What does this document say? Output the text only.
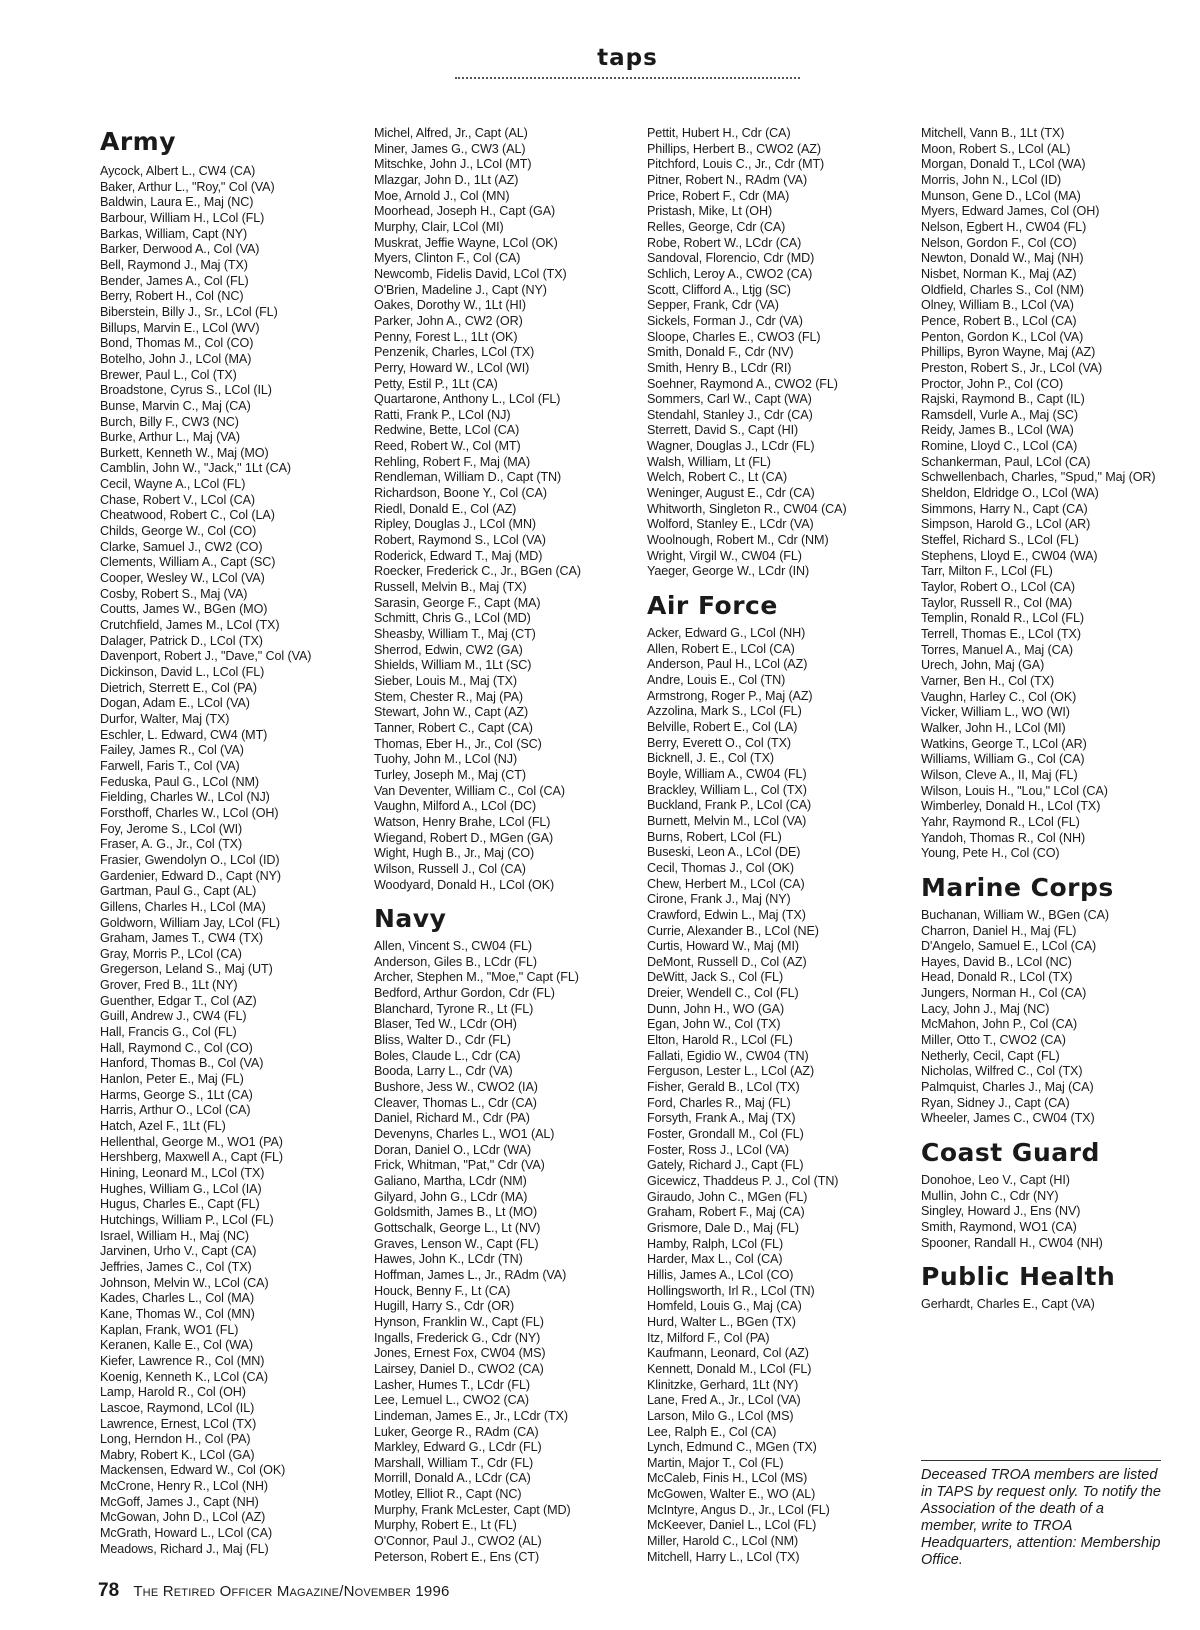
taps
Army
Aycock, Albert L., CW4 (CA)
Baker, Arthur L., "Roy," Col (VA)
Baldwin, Laura E., Maj (NC)
Barbour, William H., LCol (FL)
Barkas, William, Capt (NY)
Barker, Derwood A., Col (VA)
Bell, Raymond J., Maj (TX)
Bender, James A., Col (FL)
Berry, Robert H., Col (NC)
Biberstein, Billy J., Sr., LCol (FL)
Billups, Marvin E., LCol (WV)
Bond, Thomas M., Col (CO)
Botelho, John J., LCol (MA)
Brewer, Paul L., Col (TX)
Broadstone, Cyrus S., LCol (IL)
Bunse, Marvin C., Maj (CA)
Burch, Billy F., CW3 (NC)
Burke, Arthur L., Maj (VA)
Burkett, Kenneth W., Maj (MO)
Camblin, John W., "Jack," 1Lt (CA)
Cecil, Wayne A., LCol (FL)
Chase, Robert V., LCol (CA)
Cheatwood, Robert C., Col (LA)
Childs, George W., Col (CO)
Clarke, Samuel J., CW2 (CO)
Clements, William A., Capt (SC)
Cooper, Wesley W., LCol (VA)
Cosby, Robert S., Maj (VA)
Coutts, James W., BGen (MO)
Crutchfield, James M., LCol (TX)
Dalager, Patrick D., LCol (TX)
Davenport, Robert J., "Dave," Col (VA)
Dickinson, David L., LCol (FL)
Dietrich, Sterrett E., Col (PA)
Dogan, Adam E., LCol (VA)
Durfor, Walter, Maj (TX)
Eschler, L. Edward, CW4 (MT)
Failey, James R., Col (VA)
Farwell, Faris T., Col (VA)
Feduska, Paul G., LCol (NM)
Fielding, Charles W., LCol (NJ)
Forsthoff, Charles W., LCol (OH)
Foy, Jerome S., LCol (WI)
Fraser, A. G., Jr., Col (TX)
Frasier, Gwendolyn O., LCol (ID)
Gardenier, Edward D., Capt (NY)
Gartman, Paul G., Capt (AL)
Gillens, Charles H., LCol (MA)
Goldworn, William Jay, LCol (FL)
Graham, James T., CW4 (TX)
Gray, Morris P., LCol (CA)
Gregerson, Leland S., Maj (UT)
Grover, Fred B., 1Lt (NY)
Guenther, Edgar T., Col (AZ)
Guill, Andrew J., CW4 (FL)
Hall, Francis G., Col (FL)
Hall, Raymond C., Col (CO)
Hanford, Thomas B., Col (VA)
Hanlon, Peter E., Maj (FL)
Harms, George S., 1Lt (CA)
Harris, Arthur O., LCol (CA)
Hatch, Azel F., 1Lt (FL)
Hellenthal, George M., WO1 (PA)
Hershberg, Maxwell A., Capt (FL)
Hining, Leonard M., LCol (TX)
Hughes, William G., LCol (IA)
Hugus, Charles E., Capt (FL)
Hutchings, William P., LCol (FL)
Israel, William H., Maj (NC)
Jarvinen, Urho V., Capt (CA)
Jeffries, James C., Col (TX)
Johnson, Melvin W., LCol (CA)
Kades, Charles L., Col (MA)
Kane, Thomas W., Col (MN)
Kaplan, Frank, WO1 (FL)
Keranen, Kalle E., Col (WA)
Kiefer, Lawrence R., Col (MN)
Koenig, Kenneth K., LCol (CA)
Lamp, Harold R., Col (OH)
Lascoe, Raymond, LCol (IL)
Lawrence, Ernest, LCol (TX)
Long, Herndon H., Col (PA)
Mabry, Robert K., LCol (GA)
Mackensen, Edward W., Col (OK)
McCrone, Henry R., LCol (NH)
McGoff, James J., Capt (NH)
McGowan, John D., LCol (AZ)
McGrath, Howard L., LCol (CA)
Meadows, Richard J., Maj (FL)
Michel, Alfred, Jr., Capt (AL)
Miner, James G., CW3 (AL)
Mitschke, John J., LCol (MT)
Mlazgar, John D., 1Lt (AZ)
Moe, Arnold J., Col (MN)
Moorhead, Joseph H., Capt (GA)
Murphy, Clair, LCol (MI)
Muskrat, Jeffie Wayne, LCol (OK)
Myers, Clinton F., Col (CA)
Newcomb, Fidelis David, LCol (TX)
O'Brien, Madeline J., Capt (NY)
Oakes, Dorothy W., 1Lt (HI)
Parker, John A., CW2 (OR)
Penny, Forest L., 1Lt (OK)
Penzenik, Charles, LCol (TX)
Perry, Howard W., LCol (WI)
Petty, Estil P., 1Lt (CA)
Quartarone, Anthony L., LCol (FL)
Ratti, Frank P., LCol (NJ)
Redwine, Bette, LCol (CA)
Reed, Robert W., Col (MT)
Rehling, Robert F., Maj (MA)
Rendleman, William D., Capt (TN)
Richardson, Boone Y., Col (CA)
Riedl, Donald E., Col (AZ)
Ripley, Douglas J., LCol (MN)
Robert, Raymond S., LCol (VA)
Roderick, Edward T., Maj (MD)
Roecker, Frederick C., Jr., BGen (CA)
Russell, Melvin B., Maj (TX)
Sarasin, George F., Capt (MA)
Schmitt, Chris G., LCol (MD)
Sheasby, William T., Maj (CT)
Sherrod, Edwin, CW2 (GA)
Shields, William M., 1Lt (SC)
Sieber, Louis M., Maj (TX)
Stem, Chester R., Maj (PA)
Stewart, John W., Capt (AZ)
Tanner, Robert C., Capt (CA)
Thomas, Eber H., Jr., Col (SC)
Tuohy, John M., LCol (NJ)
Turley, Joseph M., Maj (CT)
Van Deventer, William C., Col (CA)
Vaughn, Milford A., LCol (DC)
Watson, Henry Brahe, LCol (FL)
Wiegand, Robert D., MGen (GA)
Wight, Hugh B., Jr., Maj (CO)
Wilson, Russell J., Col (CA)
Woodyard, Donald H., LCol (OK)
Navy
Allen, Vincent S., CW04 (FL)
Anderson, Giles B., LCdr (FL)
Archer, Stephen M., "Moe," Capt (FL)
Bedford, Arthur Gordon, Cdr (FL)
Blanchard, Tyrone R., Lt (FL)
Blaser, Ted W., LCdr (OH)
Bliss, Walter D., Cdr (FL)
Boles, Claude L., Cdr (CA)
Booda, Larry L., Cdr (VA)
Bushore, Jess W., CWO2 (IA)
Cleaver, Thomas L., Cdr (CA)
Daniel, Richard M., Cdr (PA)
Devenyns, Charles L., WO1 (AL)
Doran, Daniel O., LCdr (WA)
Frick, Whitman, "Pat," Cdr (VA)
Galiano, Martha, LCdr (NM)
Gilyard, John G., LCdr (MA)
Goldsmith, James B., Lt (MO)
Gottschalk, George L., Lt (NV)
Graves, Lenson W., Capt (FL)
Hawes, John K., LCdr (TN)
Hoffman, James L., Jr., RAdm (VA)
Houck, Benny F., Lt (CA)
Hugill, Harry S., Cdr (OR)
Hynson, Franklin W., Capt (FL)
Ingalls, Frederick G., Cdr (NY)
Jones, Ernest Fox, CW04 (MS)
Lairsey, Daniel D., CWO2 (CA)
Lasher, Humes T., LCdr (FL)
Lee, Lemuel L., CWO2 (CA)
Lindeman, James E., Jr., LCdr (TX)
Luker, George R., RAdm (CA)
Markley, Edward G., LCdr (FL)
Marshall, William T., Cdr (FL)
Morrill, Donald A., LCdr (CA)
Motley, Elliot R., Capt (NC)
Murphy, Frank McLester, Capt (MD)
Murphy, Robert E., Lt (FL)
O'Connor, Paul J., CWO2 (AL)
Peterson, Robert E., Ens (CT)
Pettit, Hubert H., Cdr (CA)
Phillips, Herbert B., CWO2 (AZ)
Pitchford, Louis C., Jr., Cdr (MT)
Pitner, Robert N., RAdm (VA)
Price, Robert F., Cdr (MA)
Pristash, Mike, Lt (OH)
Relles, George, Cdr (CA)
Robe, Robert W., LCdr (CA)
Sandoval, Florencio, Cdr (MD)
Schlich, Leroy A., CWO2 (CA)
Scott, Clifford A., Ltjg (SC)
Sepper, Frank, Cdr (VA)
Sickels, Forman J., Cdr (VA)
Sloope, Charles E., CWO3 (FL)
Smith, Donald F., Cdr (NV)
Smith, Henry B., LCdr (RI)
Soehner, Raymond A., CWO2 (FL)
Sommers, Carl W., Capt (WA)
Stendahl, Stanley J., Cdr (CA)
Sterrett, David S., Capt (HI)
Wagner, Douglas J., LCdr (FL)
Walsh, William, Lt (FL)
Welch, Robert C., Lt (CA)
Weninger, August E., Cdr (CA)
Whitworth, Singleton R., CW04 (CA)
Wolford, Stanley E., LCdr (VA)
Woolnough, Robert M., Cdr (NM)
Wright, Virgil W., CW04 (FL)
Yaeger, George W., LCdr (IN)
Air Force
Acker, Edward G., LCol (NH)
Allen, Robert E., LCol (CA)
Anderson, Paul H., LCol (AZ)
Andre, Louis E., Col (TN)
Armstrong, Roger P., Maj (AZ)
Azzolina, Mark S., LCol (FL)
Belville, Robert E., Col (LA)
Berry, Everett O., Col (TX)
Bicknell, J. E., Col (TX)
Boyle, William A., CW04 (FL)
Brackley, William L., Col (TX)
Buckland, Frank P., LCol (CA)
Burnett, Melvin M., LCol (VA)
Burns, Robert, LCol (FL)
Buseski, Leon A., LCol (DE)
Cecil, Thomas J., Col (OK)
Chew, Herbert M., LCol (CA)
Cirone, Frank J., Maj (NY)
Crawford, Edwin L., Maj (TX)
Currie, Alexander B., LCol (NE)
Curtis, Howard W., Maj (MI)
DeMont, Russell D., Col (AZ)
DeWitt, Jack S., Col (FL)
Dreier, Wendell C., Col (FL)
Dunn, John H., WO (GA)
Egan, John W., Col (TX)
Elton, Harold R., LCol (FL)
Fallati, Egidio W., CW04 (TN)
Ferguson, Lester L., LCol (AZ)
Fisher, Gerald B., LCol (TX)
Ford, Charles R., Maj (FL)
Forsyth, Frank A., Maj (TX)
Foster, Grondall M., Col (FL)
Foster, Ross J., LCol (VA)
Gately, Richard J., Capt (FL)
Gicewicz, Thaddeus P. J., Col (TN)
Giraudo, John C., MGen (FL)
Graham, Robert F., Maj (CA)
Grismore, Dale D., Maj (FL)
Hamby, Ralph, LCol (FL)
Harder, Max L., Col (CA)
Hillis, James A., LCol (CO)
Hollingsworth, Irl R., LCol (TN)
Homfeld, Louis G., Maj (CA)
Hurd, Walter L., BGen (TX)
Itz, Milford F., Col (PA)
Kaufmann, Leonard, Col (AZ)
Kennett, Donald M., LCol (FL)
Klinitzke, Gerhard, 1Lt (NY)
Lane, Fred A., Jr., LCol (VA)
Larson, Milo G., LCol (MS)
Lee, Ralph E., Col (CA)
Lynch, Edmund C., MGen (TX)
Martin, Major T., Col (FL)
McCaleb, Finis H., LCol (MS)
McGowen, Walter E., WO (AL)
McIntyre, Angus D., Jr., LCol (FL)
McKeever, Daniel L., LCol (FL)
Miller, Harold C., LCol (NM)
Mitchell, Harry L., LCol (TX)
Mitchell, Vann B., 1Lt (TX)
Moon, Robert S., LCol (AL)
Morgan, Donald T., LCol (WA)
Morris, John N., LCol (ID)
Munson, Gene D., LCol (MA)
Myers, Edward James, Col (OH)
Nelson, Egbert H., CW04 (FL)
Nelson, Gordon F., Col (CO)
Newton, Donald W., Maj (NH)
Nisbet, Norman K., Maj (AZ)
Oldfield, Charles S., Col (NM)
Olney, William B., LCol (VA)
Pence, Robert B., LCol (CA)
Penton, Gordon K., LCol (VA)
Phillips, Byron Wayne, Maj (AZ)
Preston, Robert S., Jr., LCol (VA)
Proctor, John P., Col (CO)
Rajski, Raymond B., Capt (IL)
Ramsdell, Vurle A., Maj (SC)
Reidy, James B., LCol (WA)
Romine, Lloyd C., LCol (CA)
Schankerman, Paul, LCol (CA)
Schwellenbach, Charles, "Spud," Maj (OR)
Sheldon, Eldridge O., LCol (WA)
Simmons, Harry N., Capt (CA)
Simpson, Harold G., LCol (AR)
Steffel, Richard S., LCol (FL)
Stephens, Lloyd E., CW04 (WA)
Tarr, Milton F., LCol (FL)
Taylor, Robert O., LCol (CA)
Taylor, Russell R., Col (MA)
Templin, Ronald R., LCol (FL)
Terrell, Thomas E., LCol (TX)
Torres, Manuel A., Maj (CA)
Urech, John, Maj (GA)
Varner, Ben H., Col (TX)
Vaughn, Harley C., Col (OK)
Vicker, William L., WO (WI)
Walker, John H., LCol (MI)
Watkins, George T., LCol (AR)
Williams, William G., Col (CA)
Wilson, Cleve A., II, Maj (FL)
Wilson, Louis H., "Lou," LCol (CA)
Wimberley, Donald H., LCol (TX)
Yahr, Raymond R., LCol (FL)
Yandoh, Thomas R., Col (NH)
Young, Pete H., Col (CO)
Marine Corps
Buchanan, William W., BGen (CA)
Charron, Daniel H., Maj (FL)
D'Angelo, Samuel E., LCol (CA)
Hayes, David B., LCol (NC)
Head, Donald R., LCol (TX)
Jungers, Norman H., Col (CA)
Lacy, John J., Maj (NC)
McMahon, John P., Col (CA)
Miller, Otto T., CWO2 (CA)
Netherly, Cecil, Capt (FL)
Nicholas, Wilfred C., Col (TX)
Palmquist, Charles J., Maj (CA)
Ryan, Sidney J., Capt (CA)
Wheeler, James C., CW04 (TX)
Coast Guard
Donohoe, Leo V., Capt (HI)
Mullin, John C., Cdr (NY)
Singley, Howard J., Ens (NV)
Smith, Raymond, WO1 (CA)
Spooner, Randall H., CW04 (NH)
Public Health
Gerhardt, Charles E., Capt (VA)
Deceased TROA members are listed in TAPS by request only. To notify the Association of the death of a member, write to TROA Headquarters, attention: Membership Office.
78 The Retired Officer Magazine/November 1996
